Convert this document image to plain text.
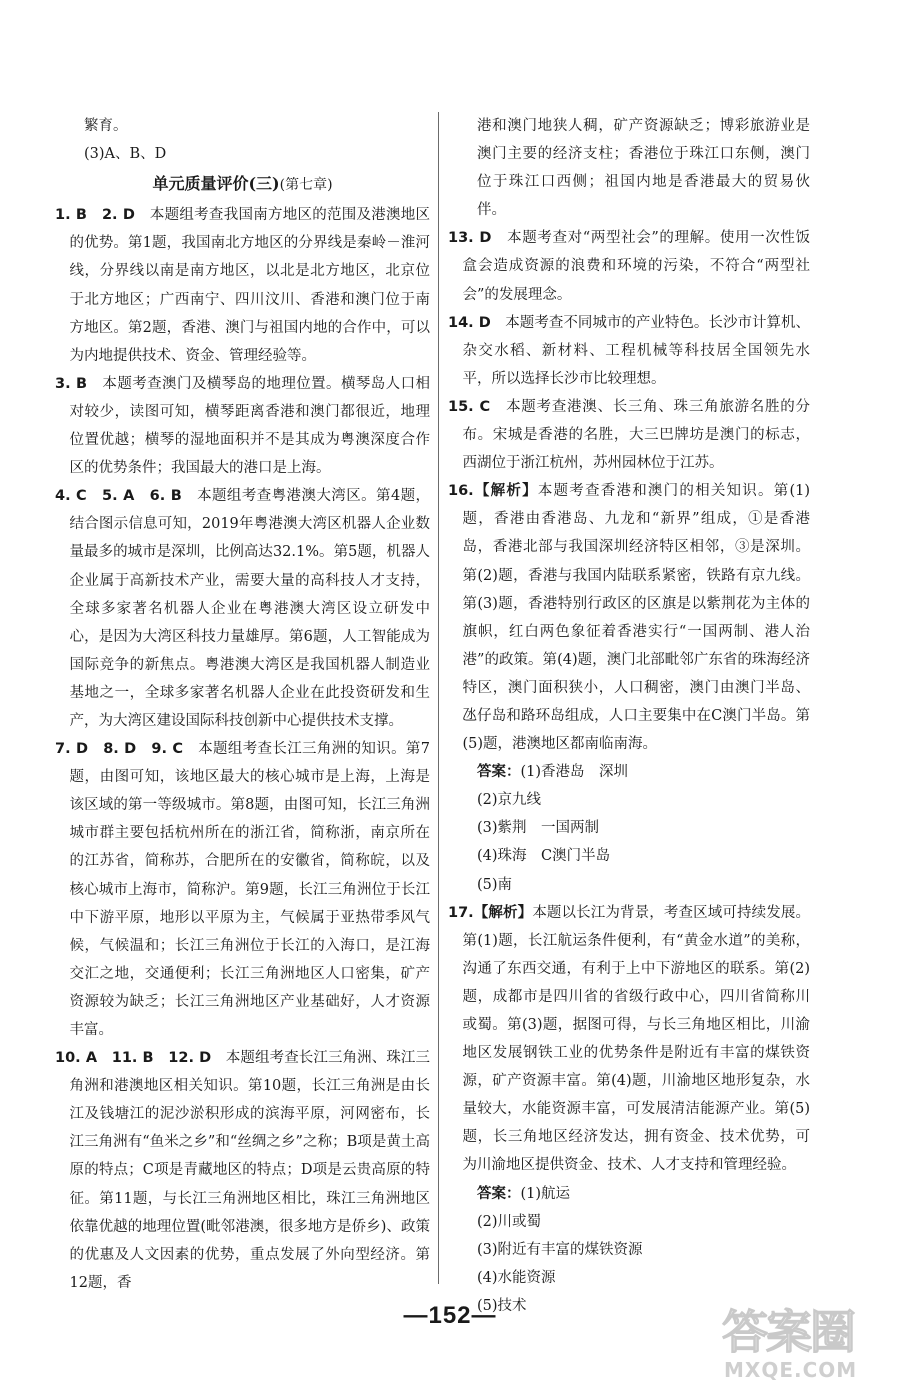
繁育。

(3)A、B、D

单元质量评价(三)(第七章)

1. B　2. D　本题组考查我国南方地区的范围及港澳地区的优势。第1题，我国南北方地区的分界线是秦岭－淮河线，分界线以南是南方地区，以北是北方地区，北京位于北方地区；广西南宁、四川汶川、香港和澳门位于南方地区。第2题，香港、澳门与祖国内地的合作中，可以为内地提供技术、资金、管理经验等。

3. B　本题考查澳门及横琴岛的地理位置。横琴岛人口相对较少，读图可知，横琴距离香港和澳门都很近，地理位置优越；横琴的湿地面积并不是其成为粤澳深度合作区的优势条件；我国最大的港口是上海。

4. C　5. A　6. B　本题组考查粤港澳大湾区。第4题，结合图示信息可知，2019年粤港澳大湾区机器人企业数量最多的城市是深圳，比例高达32.1%。第5题，机器人企业属于高新技术产业，需要大量的高科技人才支持，全球多家著名机器人企业在粤港澳大湾区设立研发中心，是因为大湾区科技力量雄厚。第6题，人工智能成为国际竞争的新焦点。粤港澳大湾区是我国机器人制造业基地之一，全球多家著名机器人企业在此投资研发和生产，为大湾区建设国际科技创新中心提供技术支撑。

7. D　8. D　9. C　本题组考查长江三角洲的知识。第7题，由图可知，该地区最大的核心城市是上海，上海是该区域的第一等级城市。第8题，由图可知，长江三角洲城市群主要包括杭州所在的浙江省，简称浙，南京所在的江苏省，简称苏，合肥所在的安徽省，简称皖，以及核心城市上海市，简称沪。第9题，长江三角洲位于长江中下游平原，地形以平原为主，气候属于亚热带季风气候，气候温和；长江三角洲位于长江的入海口，是江海交汇之地，交通便利；长江三角洲地区人口密集，矿产资源较为缺乏；长江三角洲地区产业基础好，人才资源丰富。

10. A　11. B　12. D　本题组考查长江三角洲、珠江三角洲和港澳地区相关知识。第10题，长江三角洲是由长江及钱塘江的泥沙淤积形成的滨海平原，河网密布，长江三角洲有“鱼米之乡”和“丝绸之乡”之称；B项是黄土高原的特点；C项是青藏地区的特点；D项是云贵高原的特征。第11题，与长江三角洲地区相比，珠江三角洲地区依靠优越的地理位置(毗邻港澳，很多地方是侨乡)、政策的优惠及人文因素的优势，重点发展了外向型经济。第12题，香

港和澳门地狭人稠，矿产资源缺乏；博彩旅游业是澳门主要的经济支柱；香港位于珠江口东侧，澳门位于珠江口西侧；祖国内地是香港最大的贸易伙伴。

13. D　本题考查对“两型社会”的理解。使用一次性饭盒会造成资源的浪费和环境的污染，不符合“两型社会”的发展理念。

14. D　本题考查不同城市的产业特色。长沙市计算机、杂交水稻、新材料、工程机械等科技居全国领先水平，所以选择长沙市比较理想。

15. C　本题考查港澳、长三角、珠三角旅游名胜的分布。宋城是香港的名胜，大三巴牌坊是澳门的标志，西湖位于浙江杭州，苏州园林位于江苏。

16.【解析】本题考查香港和澳门的相关知识。第(1)题，香港由香港岛、九龙和“新界”组成，①是香港岛，香港北部与我国深圳经济特区相邻，③是深圳。第(2)题，香港与我国内陆联系紧密，铁路有京九线。第(3)题，香港特别行政区的区旗是以紫荆花为主体的旗帜，红白两色象征着香港实行“一国两制、港人治港”的政策。第(4)题，澳门北部毗邻广东省的珠海经济特区，澳门面积狭小，人口稠密，澳门由澳门半岛、氹仔岛和路环岛组成，人口主要集中在C澳门半岛。第(5)题，港澳地区都南临南海。

答案：(1)香港岛　深圳

(2)京九线

(3)紫荆　一国两制

(4)珠海　C澳门半岛

(5)南

17.【解析】本题以长江为背景，考查区域可持续发展。第(1)题，长江航运条件便利，有“黄金水道”的美称，沟通了东西交通，有利于上中下游地区的联系。第(2)题，成都市是四川省的省级行政中心，四川省简称川或蜀。第(3)题，据图可得，与长三角地区相比，川渝地区发展钢铁工业的优势条件是附近有丰富的煤铁资源，矿产资源丰富。第(4)题，川渝地区地形复杂，水量较大，水能资源丰富，可发展清洁能源产业。第(5)题，长三角地区经济发达，拥有资金、技术优势，可为川渝地区提供资金、技术、人才支持和管理经验。

答案：(1)航运

(2)川或蜀

(3)附近有丰富的煤铁资源

(4)水能资源

(5)技术

—152—	答案圈
MXQE.COM
